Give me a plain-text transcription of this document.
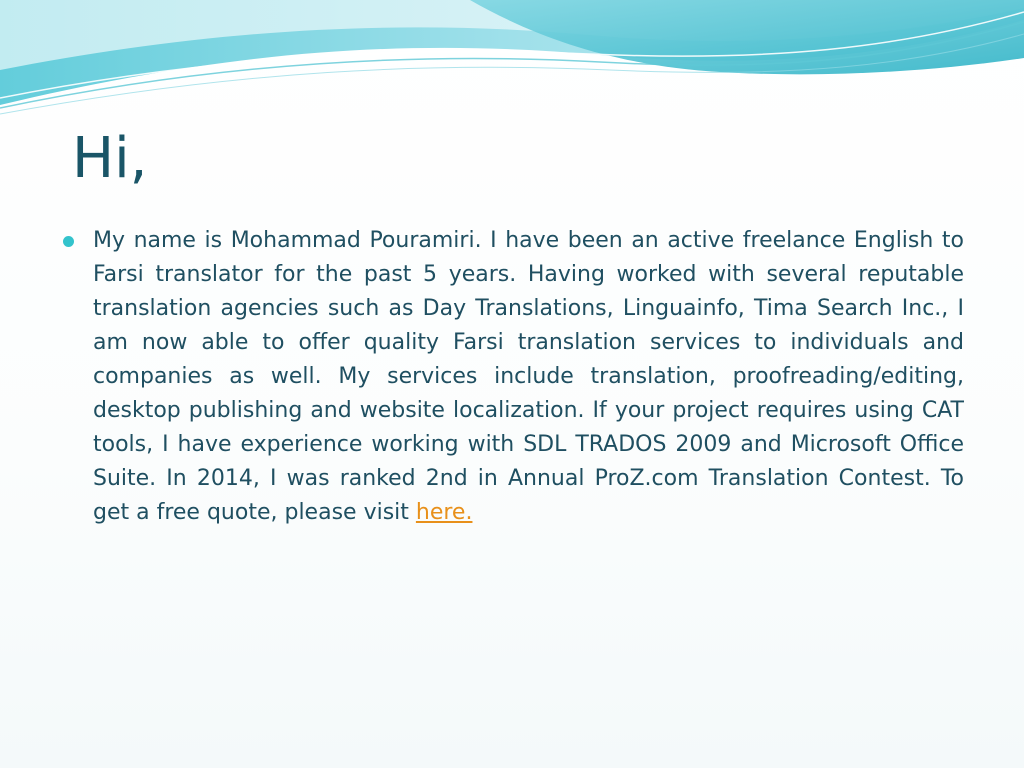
Hi,

My name is Mohammad Pouramiri. I have been an active freelance English to Farsi translator for the past 5 years. Having worked with several reputable translation agencies such as Day Translations, Linguainfo, Tima Search Inc., I am now able to offer quality Farsi translation services to individuals and companies as well. My services include translation, proofreading/editing, desktop publishing and website localization. If your project requires using CAT tools, I have experience working with SDL TRADOS 2009 and Microsoft Office Suite. In 2014, I was ranked 2nd in Annual ProZ.com Translation Contest. To get a free quote, please visit here.
